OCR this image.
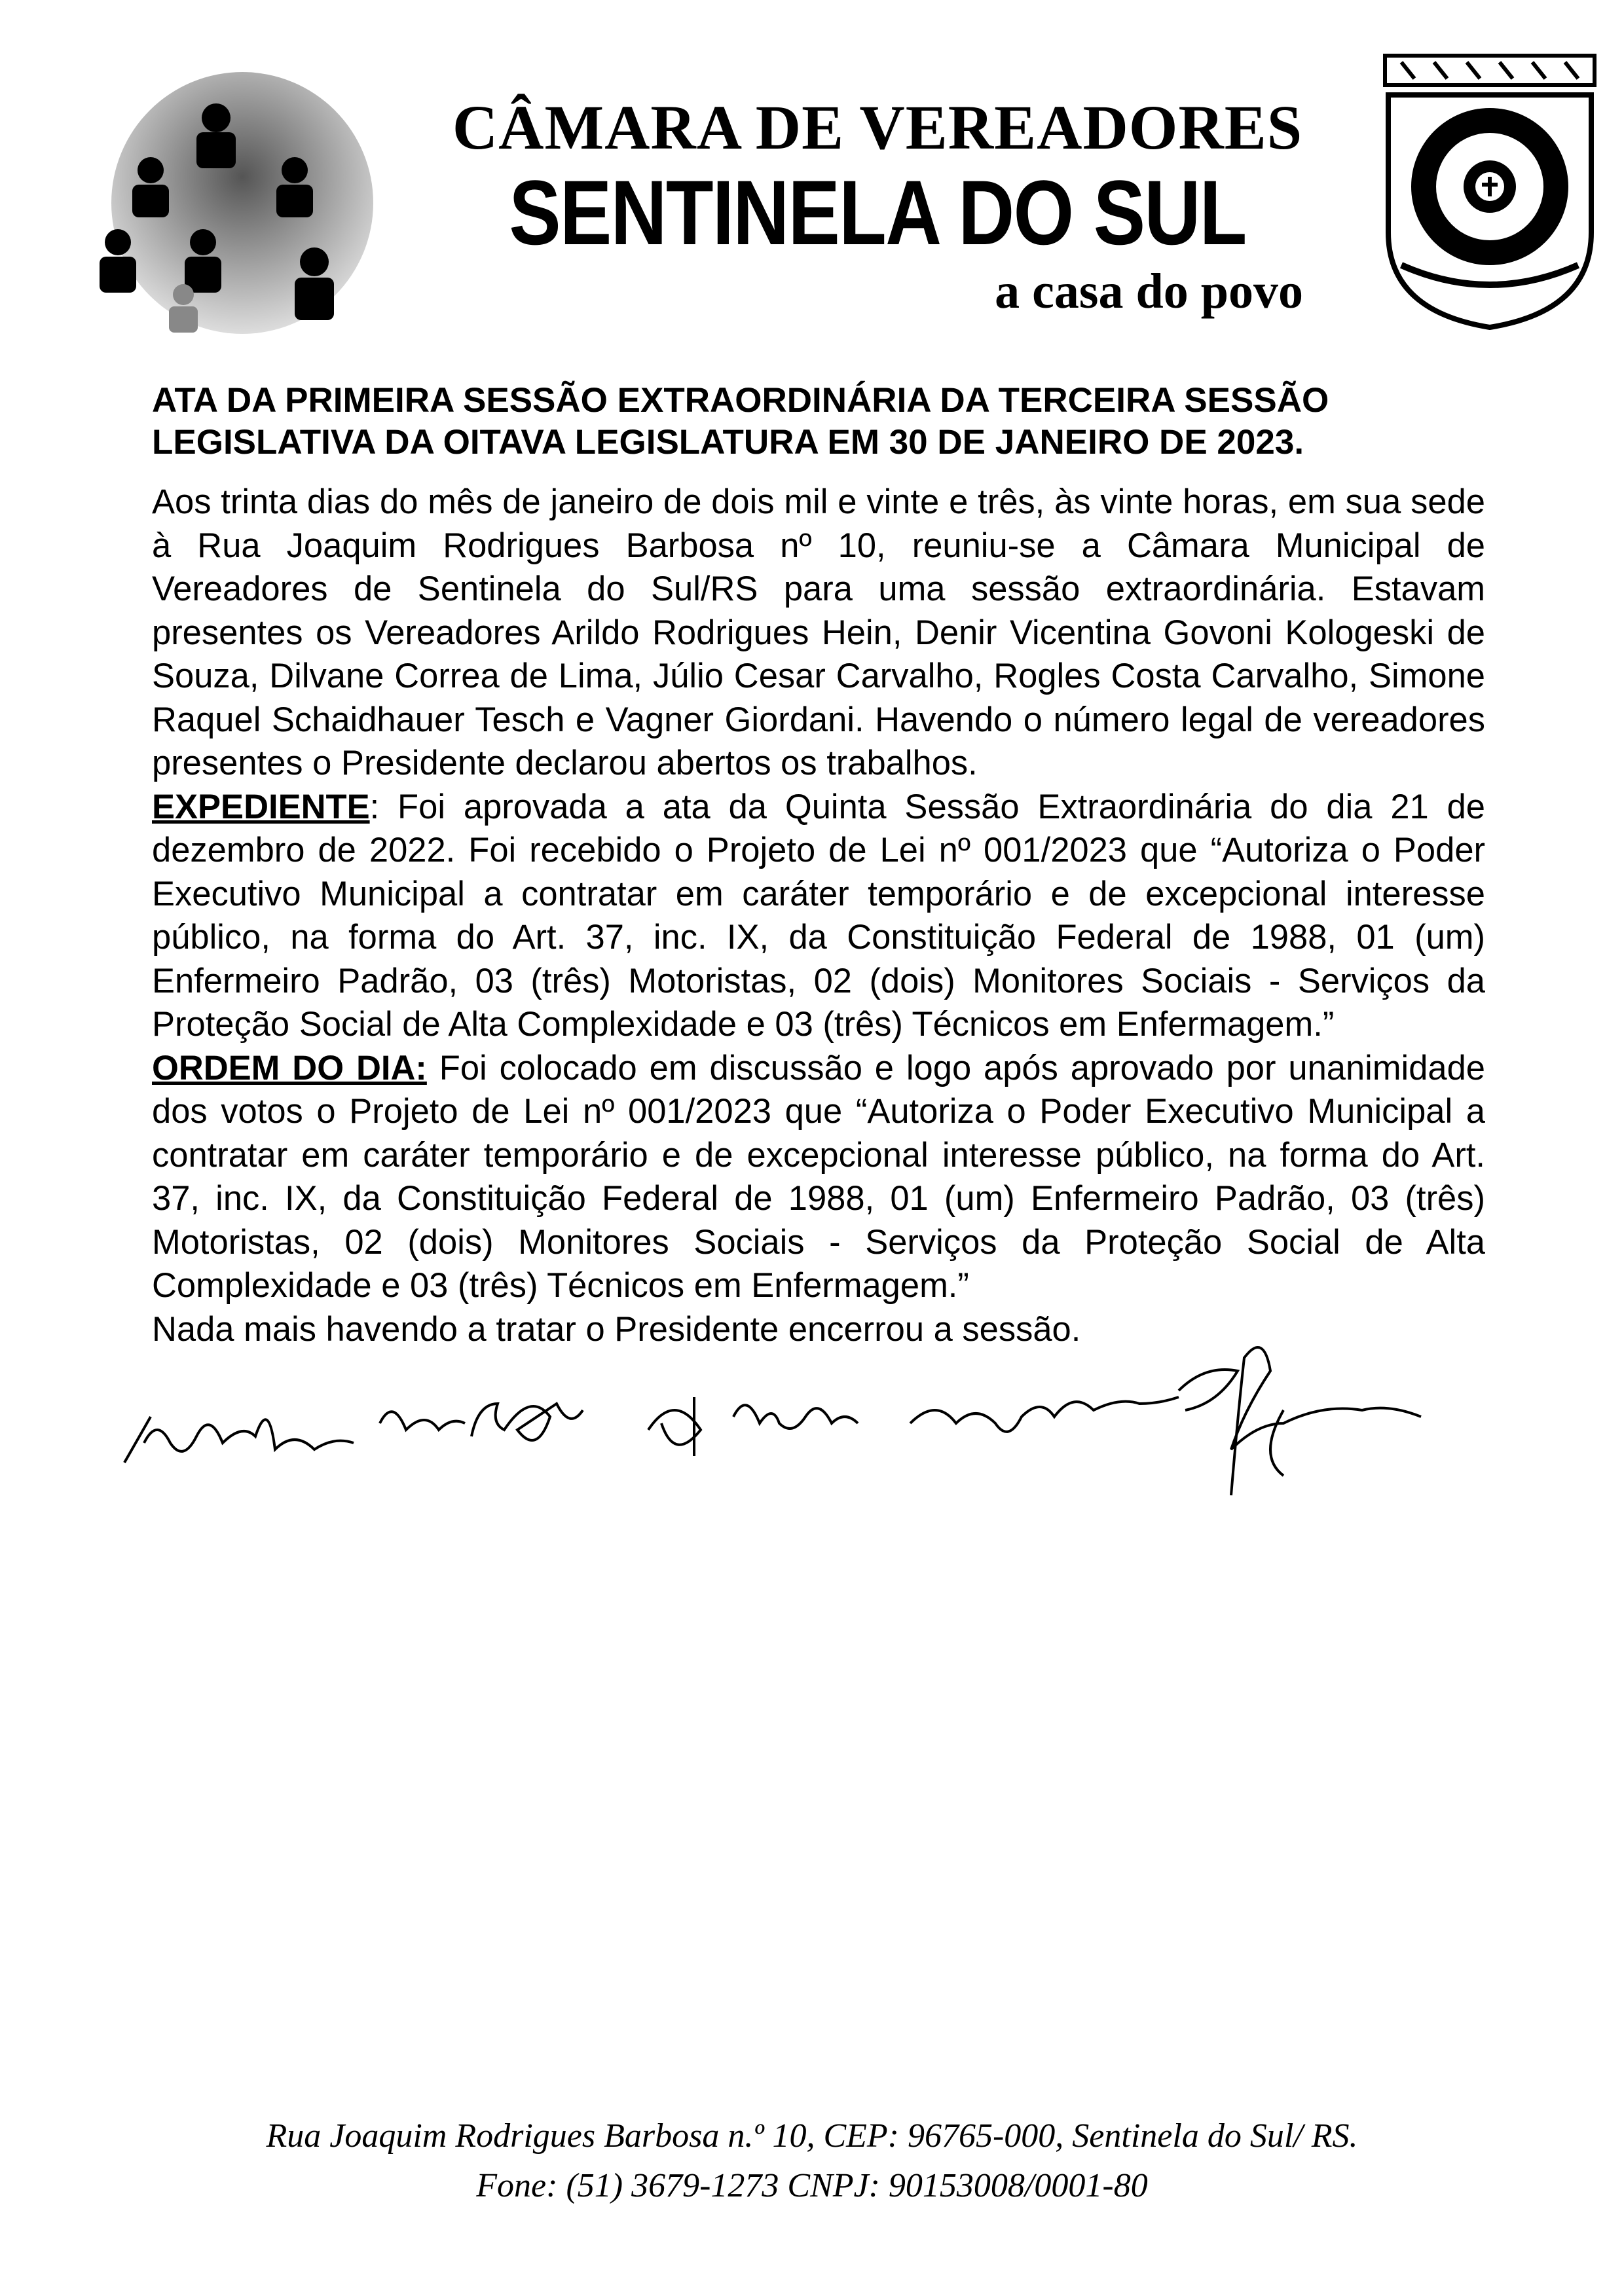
CÂMARA DE VEREADORES
SENTINELA DO SUL
a casa do povo
ATA DA PRIMEIRA SESSÃO EXTRAORDINÁRIA DA TERCEIRA SESSÃO LEGISLATIVA DA OITAVA LEGISLATURA EM 30 DE JANEIRO DE 2023.

Aos trinta dias do mês de janeiro de dois mil e vinte e três, às vinte horas, em sua sede à Rua Joaquim Rodrigues Barbosa nº 10, reuniu-se a Câmara Municipal de Vereadores de Sentinela do Sul/RS para uma sessão extraordinária. Estavam presentes os Vereadores Arildo Rodrigues Hein, Denir Vicentina Govoni Kologeski de Souza, Dilvane Correa de Lima, Júlio Cesar Carvalho, Rogles Costa Carvalho, Simone Raquel Schaidhauer Tesch e Vagner Giordani. Havendo o número legal de vereadores presentes o Presidente declarou abertos os trabalhos.

EXPEDIENTE: Foi aprovada a ata da Quinta Sessão Extraordinária do dia 21 de dezembro de 2022. Foi recebido o Projeto de Lei nº 001/2023 que “Autoriza o Poder Executivo Municipal a contratar em caráter temporário e de excepcional interesse público, na forma do Art. 37, inc. IX, da Constituição Federal de 1988, 01 (um) Enfermeiro Padrão, 03 (três) Motoristas, 02 (dois) Monitores Sociais - Serviços da Proteção Social de Alta Complexidade e 03 (três) Técnicos em Enfermagem.”

ORDEM DO DIA: Foi colocado em discussão e logo após aprovado por unanimidade dos votos o Projeto de Lei nº 001/2023 que “Autoriza o Poder Executivo Municipal a contratar em caráter temporário e de excepcional interesse público, na forma do Art. 37, inc. IX, da Constituição Federal de 1988, 01 (um) Enfermeiro Padrão, 03 (três) Motoristas, 02 (dois) Monitores Sociais - Serviços da Proteção Social de Alta Complexidade e 03 (três) Técnicos em Enfermagem.”

Nada mais havendo a tratar o Presidente encerrou a sessão.

Rua Joaquim Rodrigues Barbosa n.º 10, CEP: 96765-000, Sentinela do Sul/ RS.
Fone: (51) 3679-1273 CNPJ: 90153008/0001-80
